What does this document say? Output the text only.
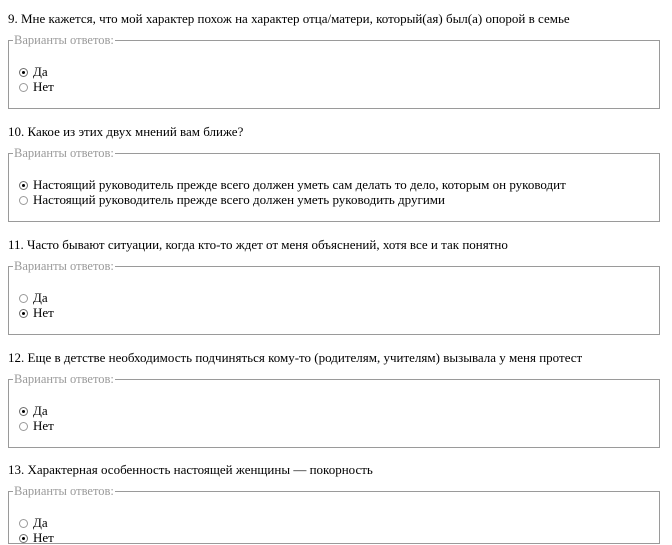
9. Мне кажется, что мой характер похож на характер отца/матери, который(ая) был(а) опорой в семье
Варианты ответов:
Да
Нет
10. Какое из этих двух мнений вам ближе?
Варианты ответов:
Настоящий руководитель прежде всего должен уметь сам делать то дело, которым он руководит
Настоящий руководитель прежде всего должен уметь руководить другими
11. Часто бывают ситуации, когда кто-то ждет от меня объяснений, хотя все и так понятно
Варианты ответов:
Да
Нет
12. Еще в детстве необходимость подчиняться кому-то (родителям, учителям) вызывала у меня протест
Варианты ответов:
Да
Нет
13. Характерная особенность настоящей женщины — покорность
Варианты ответов:
Да
Нет
